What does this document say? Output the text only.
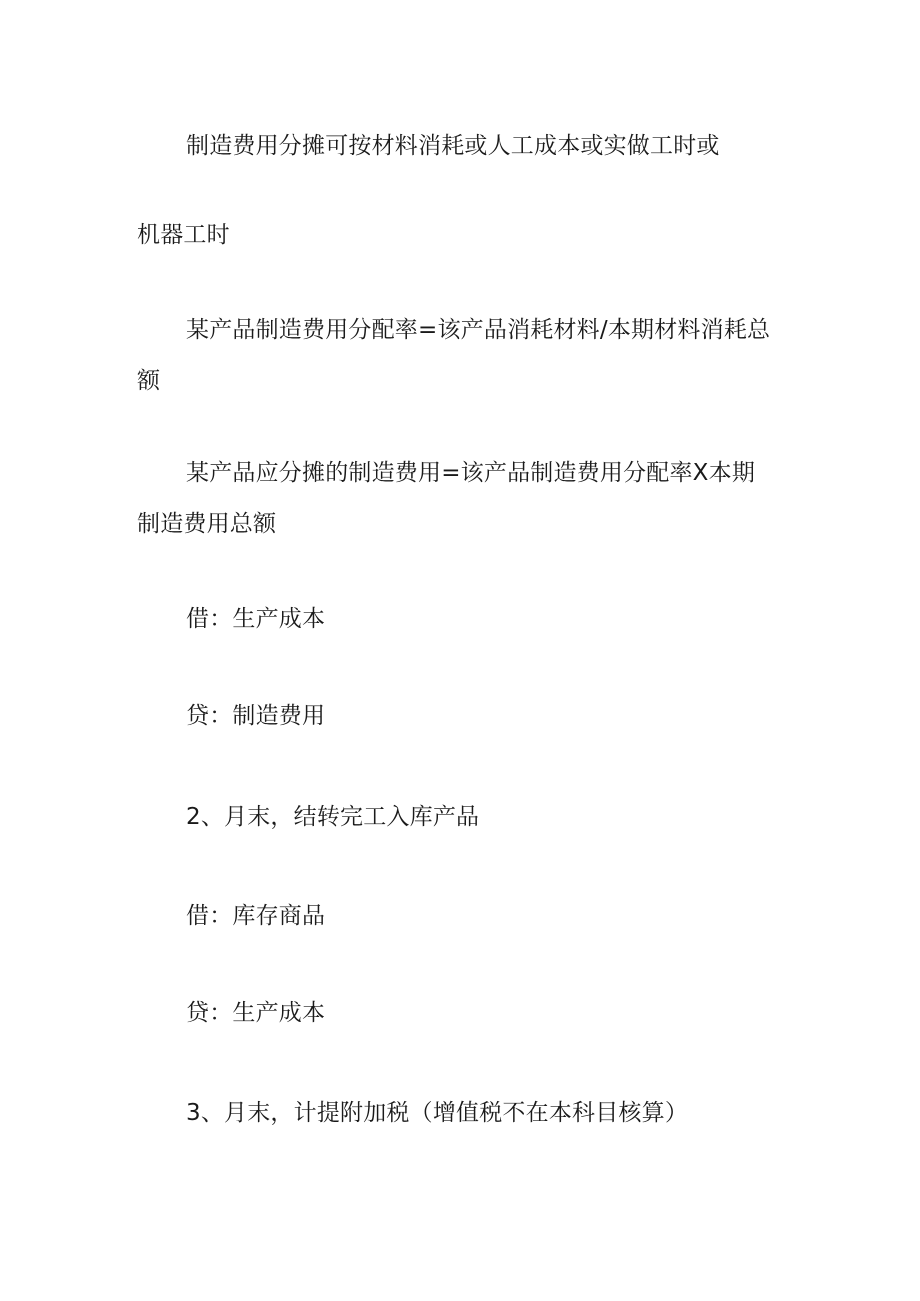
制造费用分摊可按材料消耗或人工成本或实做工时或
机器工时
某产品制造费用分配率=该产品消耗材料/本期材料消耗总
额
某产品应分摊的制造费用=该产品制造费用分配率X本期
制造费用总额
借：生产成本
贷：制造费用
2、月末，结转完工入库产品
借：库存商品
贷：生产成本
3、月末，计提附加税（增值税不在本科目核算）
